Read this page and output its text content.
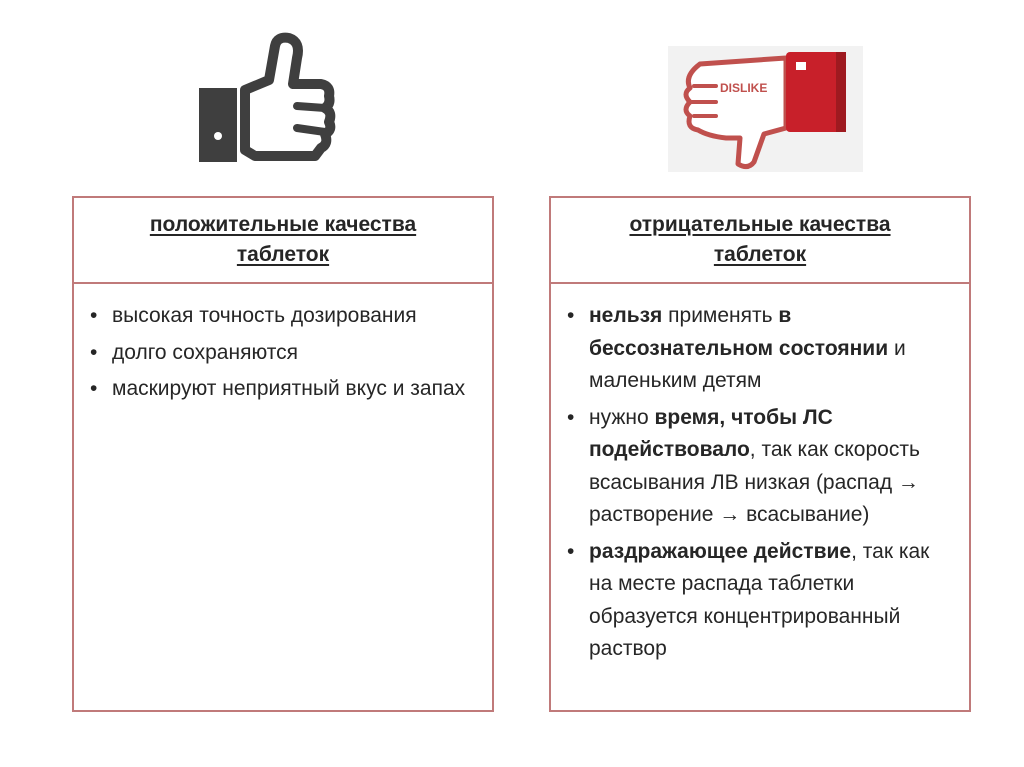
DISLIKE
положительные качества таблеток
• высокая точность дозирования
• долго сохраняются
• маскируют неприятный вкус и запах
отрицательные качества таблеток
• нельзя применять в бессознательном состоянии и маленьким детям
• нужно время, чтобы ЛС подействовало, так как скорость всасывания ЛВ низкая (распад → растворение → всасывание)
• раздражающее действие, так как на месте распада таблетки образуется концентрированный раствор
